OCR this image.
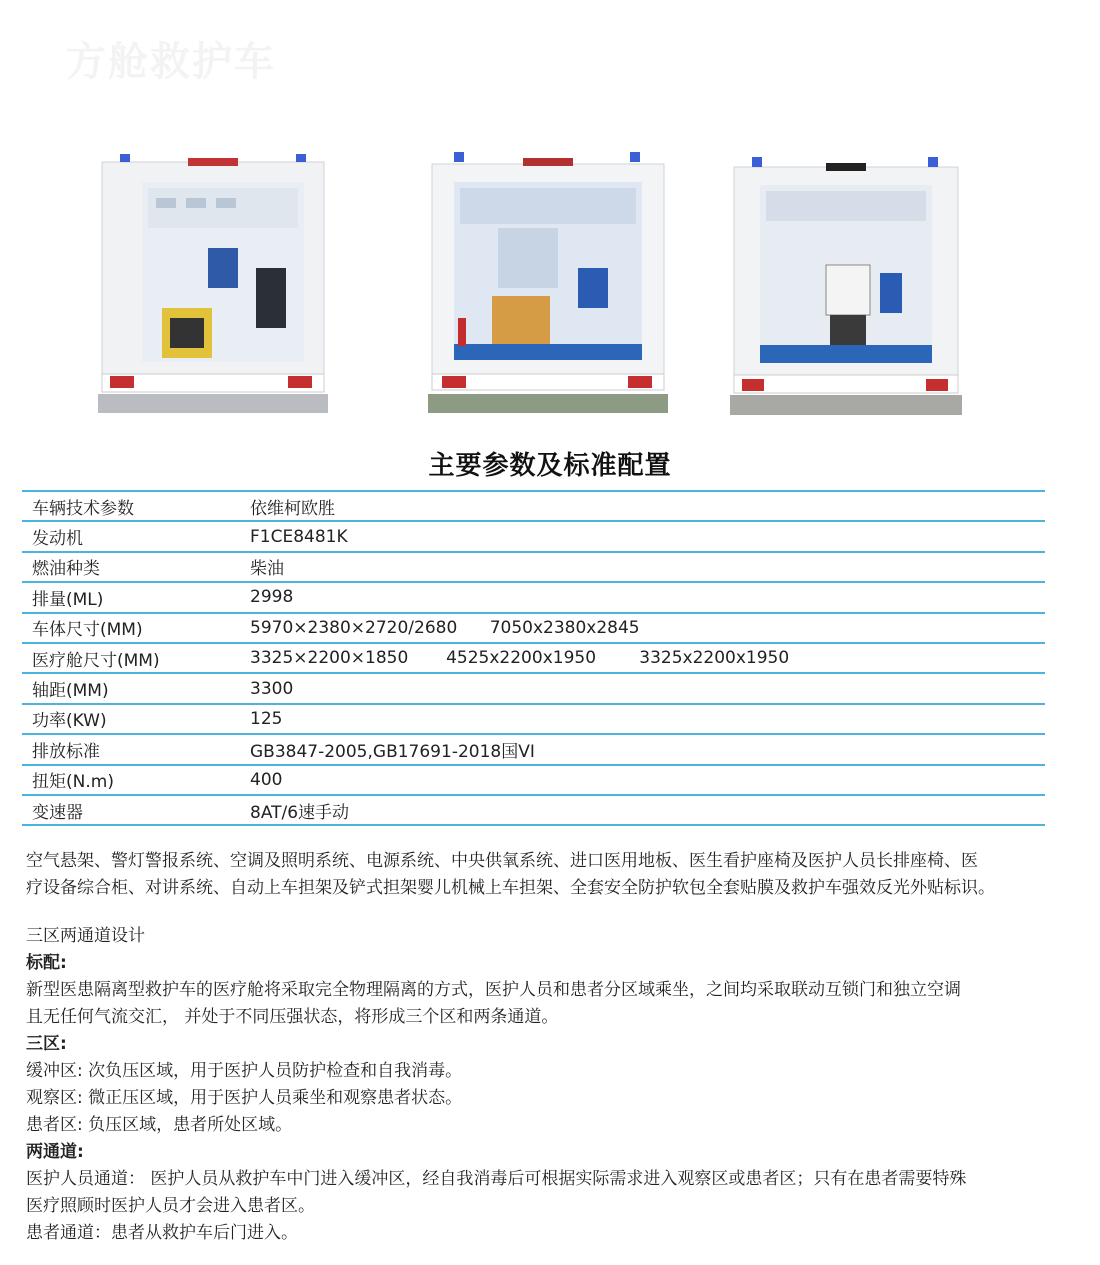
方舱救护车
主要参数及标准配置
车辆技术参数	依维柯欧胜
发动机	F1CE8481K
燃油种类	柴油
排量(ML)	2998
车体尺寸(MM)	5970×2380×2720/2680      7050x2380x2845
医疗舱尺寸(MM)	3325×2200×1850       4525x2200x1950        3325x2200x1950
轴距(MM)	3300
功率(KW)	125
排放标准	GB3847-2005,GB17691-2018国VI
扭矩(N.m)	400
变速器	8AT/6速手动
空气悬架、警灯警报系统、空调及照明系统、电源系统、中央供氧系统、进口医用地板、医生看护座椅及医护人员长排座椅、医
疗设备综合柜、对讲系统、自动上车担架及铲式担架婴儿机械上车担架、全套安全防护软包全套贴膜及救护车强效反光外贴标识。
三区两通道设计
标配:
新型医患隔离型救护车的医疗舱将采取完全物理隔离的方式，医护人员和患者分区域乘坐，之间均采取联动互锁门和独立空调
且无任何气流交汇， 并处于不同压强状态，将形成三个区和两条通道。
三区:
缓冲区: 次负压区域，用于医护人员防护检查和自我消毒。
观察区: 微正压区域，用于医护人员乘坐和观察患者状态。
患者区: 负压区域，患者所处区域。
两通道:
医护人员通道： 医护人员从救护车中门进入缓冲区，经自我消毒后可根据实际需求进入观察区或患者区；只有在患者需要特殊
医疗照顾时医护人员才会进入患者区。
患者通道：患者从救护车后门进入。
